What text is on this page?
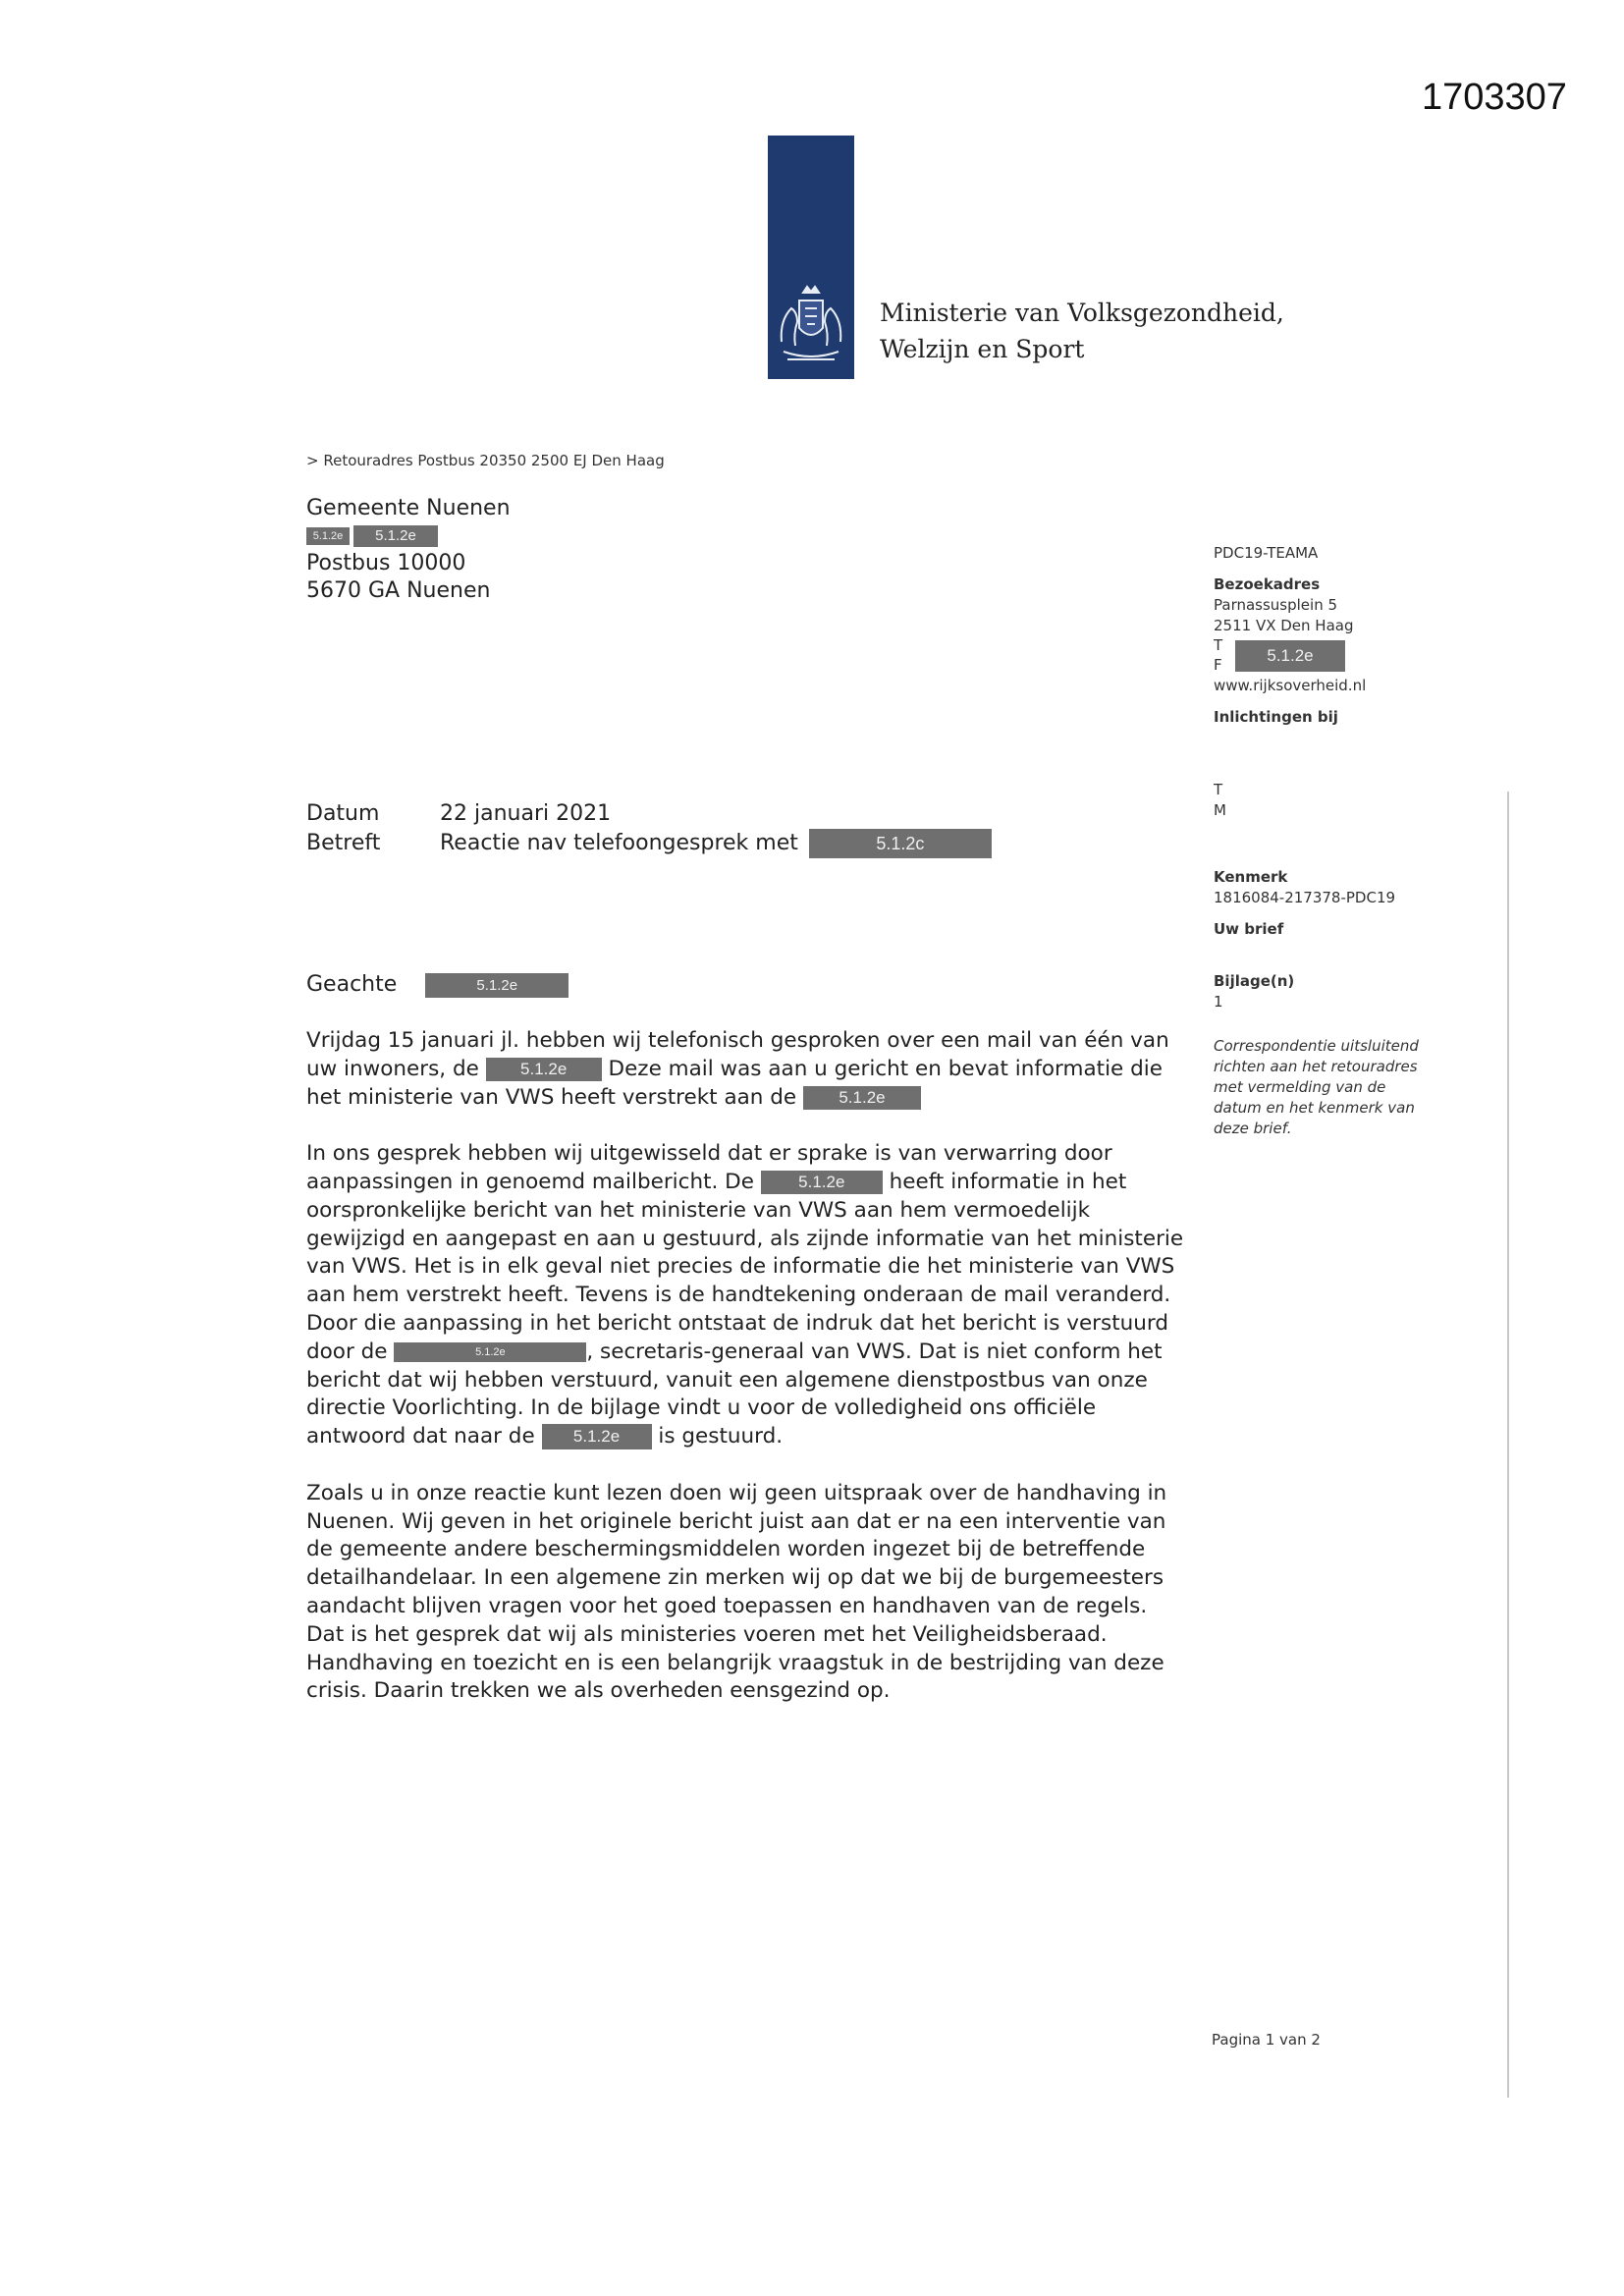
1703307
Ministerie van Volksgezondheid,
Welzijn en Sport
> Retouradres Postbus 20350 2500 EJ Den Haag
Gemeente Nuenen
5.1.2e 5.1.2e
Postbus 10000
5670 GA Nuenen
PDC19-TEAMA
Bezoekadres
Parnassusplein 5
2511 VX Den Haag
T
F	5.1.2e
www.rijksoverheid.nl
Inlichtingen bij
T
M
Kenmerk
1816084-217378-PDC19
Uw brief
Bijlage(n)
1
Correspondentie uitsluitend
richten aan het retouradres
met vermelding van de
datum en het kenmerk van
deze brief.
Datum	22 januari 2021
Betreft	Reactie nav telefoongesprek met	5.1.2c
Geachte	5.1.2e

Vrijdag 15 januari jl. hebben wij telefonisch gesproken over een mail van één van
uw inwoners, de 5.1.2e Deze mail was aan u gericht en bevat informatie die
het ministerie van VWS heeft verstrekt aan de	5.1.2e

In ons gesprek hebben wij uitgewisseld dat er sprake is van verwarring door
aanpassingen in genoemd mailbericht. De	5.1.2e heeft informatie in het
oorspronkelijke bericht van het ministerie van VWS aan hem vermoedelijk
gewijzigd en aangepast en aan u gestuurd, als zijnde informatie van het ministerie
van VWS. Het is in elk geval niet precies de informatie die het ministerie van VWS
aan hem verstrekt heeft. Tevens is de handtekening onderaan de mail veranderd.
Door die aanpassing in het bericht ontstaat de indruk dat het bericht is verstuurd
door de	5.1.2e	, secretaris-generaal van VWS. Dat is niet conform het
bericht dat wij hebben verstuurd, vanuit een algemene dienstpostbus van onze
directie Voorlichting. In de bijlage vindt u voor de volledigheid ons officiële
antwoord dat naar de 5.1.2e is gestuurd.

Zoals u in onze reactie kunt lezen doen wij geen uitspraak over de handhaving in
Nuenen. Wij geven in het originele bericht juist aan dat er na een interventie van
de gemeente andere beschermingsmiddelen worden ingezet bij de betreffende
detailhandelaar. In een algemene zin merken wij op dat we bij de burgemeesters
aandacht blijven vragen voor het goed toepassen en handhaven van de regels.
Dat is het gesprek dat wij als ministeries voeren met het Veiligheidsberaad.
Handhaving en toezicht en is een belangrijk vraagstuk in de bestrijding van deze
crisis. Daarin trekken we als overheden eensgezind op.

Pagina 1 van 2
